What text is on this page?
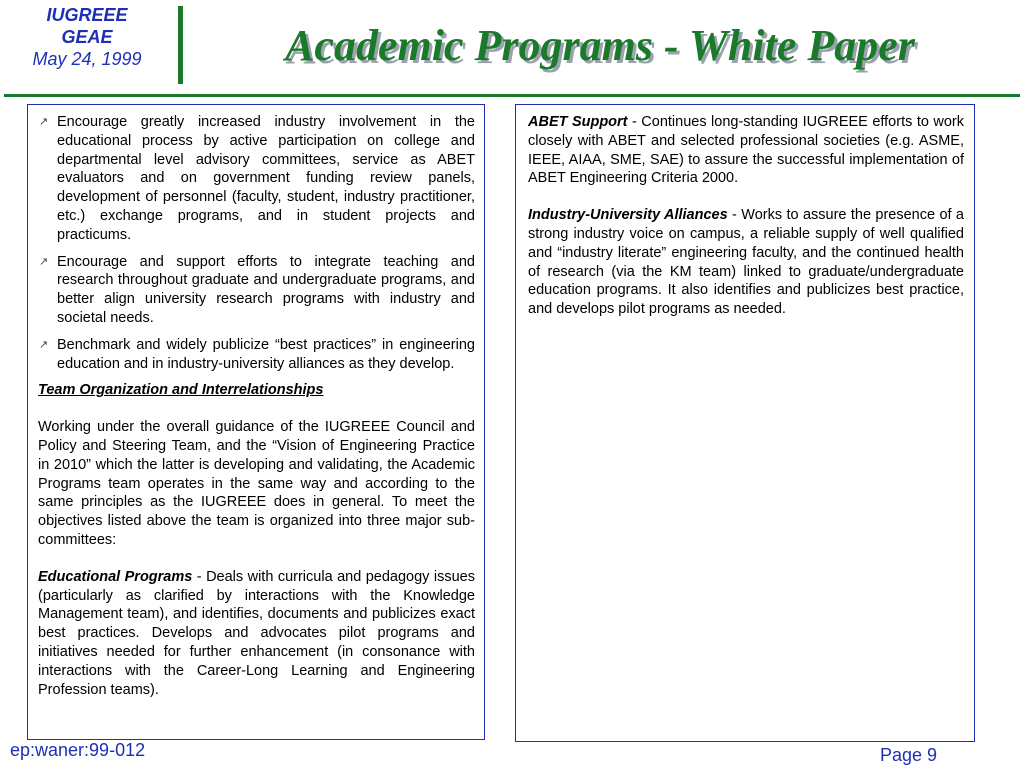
IUGREEE
GEAE
May 24, 1999	Academic Programs - White Paper
↗ Encourage greatly increased industry involvement in the educational process by active participation on college and departmental level advisory committees, service as ABET evaluators and on government funding review panels, development of personnel (faculty, student, industry practitioner, etc.) exchange programs, and in student projects and practicums.
↗ Encourage and support efforts to integrate teaching and research throughout graduate and undergraduate programs, and better align university research programs with industry and societal needs.
↗ Benchmark and widely publicize “best practices” in engineering education and in industry-university alliances as they develop.

Team Organization and Interrelationships

Working under the overall guidance of the IUGREEE Council and Policy and Steering Team, and the “Vision of Engineering Practice in 2010” which the latter is developing and validating, the Academic Programs team operates in the same way and according to the same principles as the IUGREEE does in general. To meet the objectives listed above the team is organized into three major sub-committees:

Educational Programs - Deals with curricula and pedagogy issues (particularly as clarified by interactions with the Knowledge Management team), and identifies, documents and publicizes exact best practices. Develops and advocates pilot programs and initiatives needed for further enhancement (in consonance with interactions with the Career-Long Learning and Engineering Profession teams).

ABET Support - Continues long-standing IUGREEE efforts to work closely with ABET and selected professional societies (e.g. ASME, IEEE, AIAA, SME, SAE) to assure the successful implementation of ABET Engineering Criteria 2000.

Industry-University Alliances - Works to assure the presence of a strong industry voice on campus, a reliable supply of well qualified and “industry literate” engineering faculty, and the continued health of research (via the KM team) linked to graduate/undergraduate education programs. It also identifies and publicizes best practice, and develops pilot programs as needed.

ep:waner:99-012	Page 9
